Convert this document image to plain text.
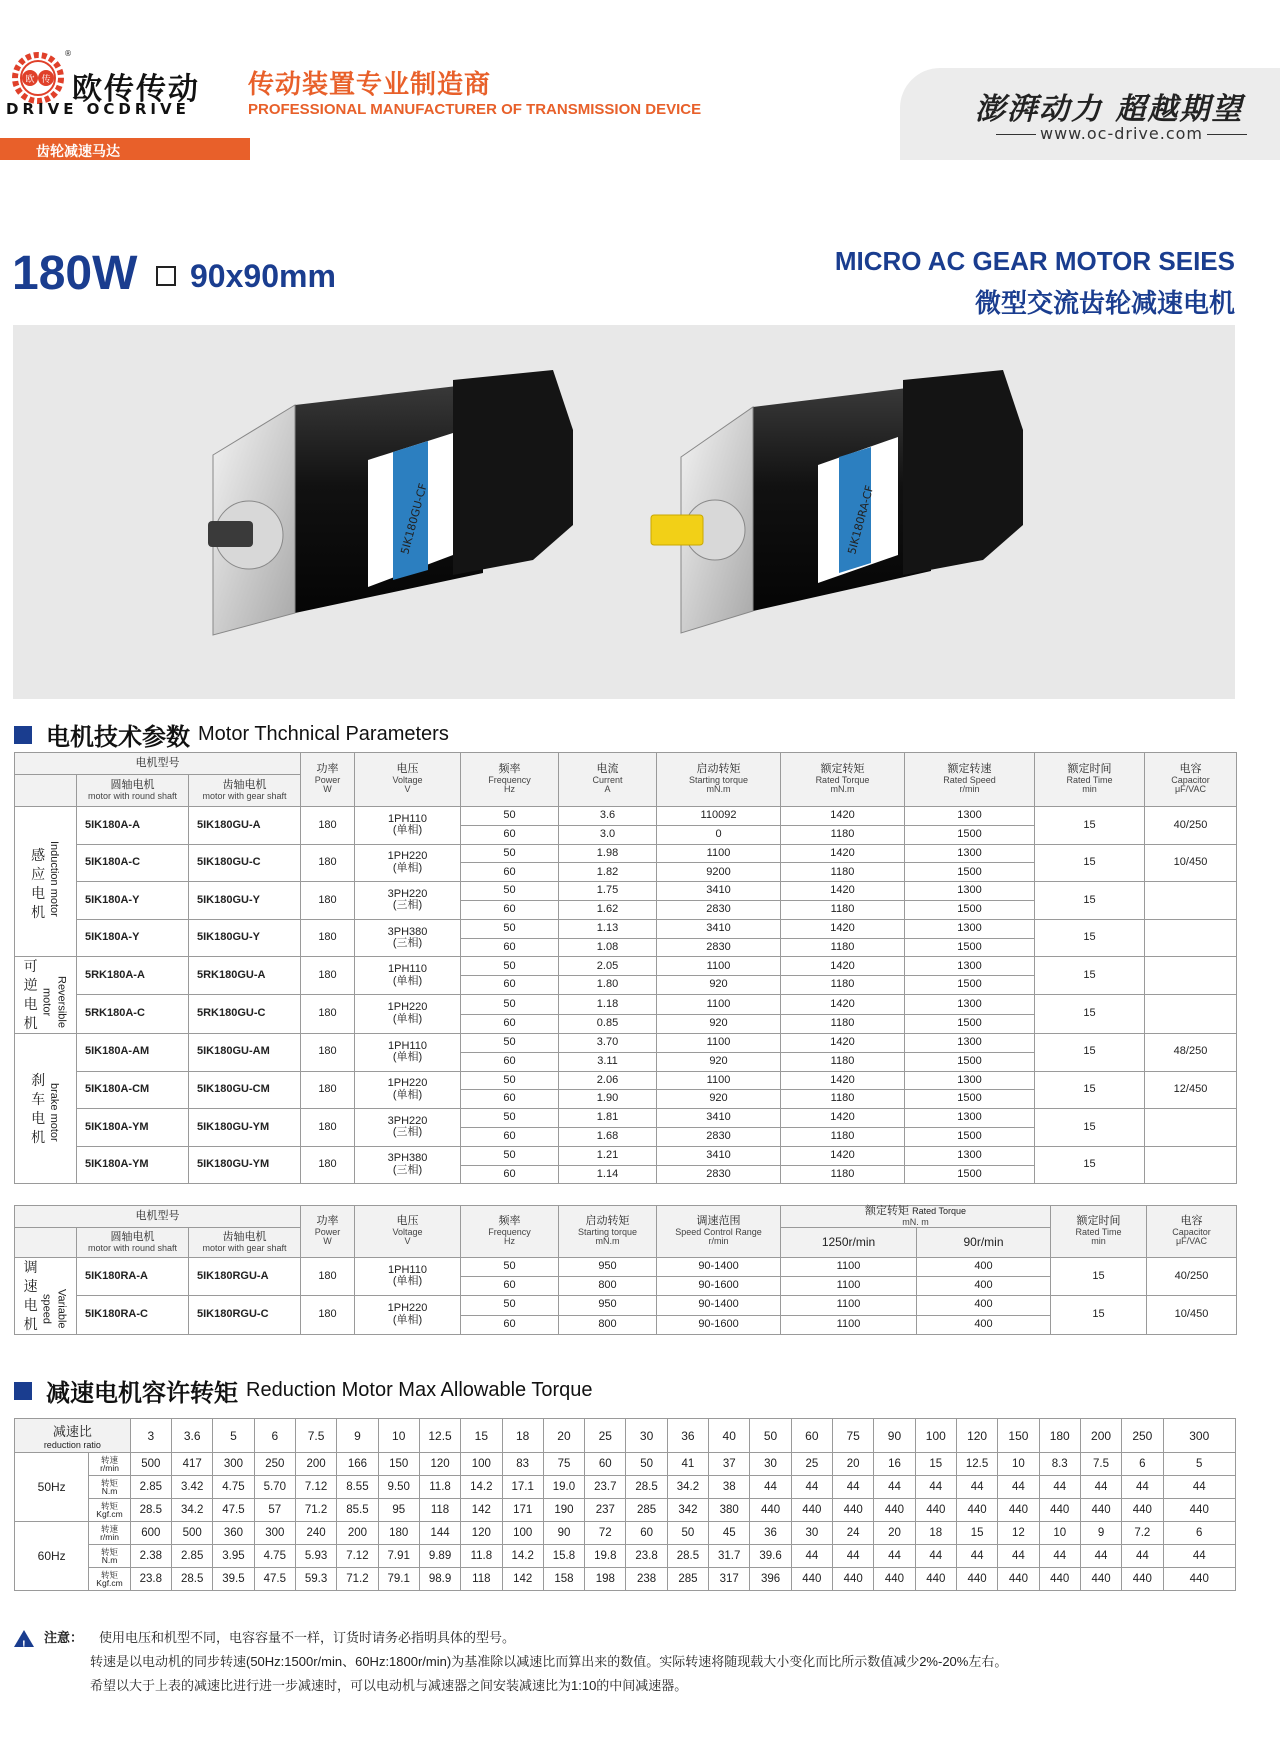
欧 传
®
欧传传动
DRIVE OCDRIVE
传动装置专业制造商
PROFESSIONAL MANUFACTURER OF TRANSMISSION DEVICE	澎湃动力 超越期望
www.oc-drive.com
齿轮减速马达
180W 90x90mm	MICRO AC GEAR MOTOR SEIES
微型交流齿轮减速电机
5IK180GU-CF	5IK180RA-CF
电机技术参数 Motor Thchnical Parameters
电机型号			功率
Power
W	电压
Voltage
V	频率
Frequency
Hz	电流
Current
A	启动转矩
Starting torque
mN.m	额定转矩
Rated Torque
mN.m	额定转速
Rated Speed
r/min	额定时间
Rated Time
min	电容
Capacitor
μF/VAC

	圆轴电机
motor with round shaft	齿轴电机
motor with gear shaft									

感
应
电
机 Induction motor	5IK180A-A	5IK180GU-A	180	1PH110
(单相)	50	3.6	110092	1420	1300	15	40/250
					60	3.0	0	1180	1500		
	5IK180A-C	5IK180GU-C	180	1PH220
(单相)	50	1.98	1100	1420	1300	15	10/450
					60	1.82	9200	1180	1500		
	5IK180A-Y	5IK180GU-Y	180	3PH220
(三相)	50	1.75	3410	1420	1300	15	
					60	1.62	2830	1180	1500		
	5IK180A-Y	5IK180GU-Y	180	3PH380
(三相)	50	1.13	3410	1420	1300	15	
					60	1.08	2830	1180	1500		

可
逆
电
机 Reversible motor	5RK180A-A	5RK180GU-A	180	1PH110
(单相)	50	2.05	1100	1420	1300	15	
					60	1.80	920	1180	1500		
	5RK180A-C	5RK180GU-C	180	1PH220
(单相)	50	1.18	1100	1420	1300	15	
					60	0.85	920	1180	1500		

刹
车
电
机 brake motor	5IK180A-AM	5IK180GU-AM	180	1PH110
(单相)	50	3.70	1100	1420	1300	15	48/250
					60	3.11	920	1180	1500		
	5IK180A-CM	5IK180GU-CM	180	1PH220
(单相)	50	2.06	1100	1420	1300	15	12/450
					60	1.90	920	1180	1500		
	5IK180A-YM	5IK180GU-YM	180	3PH220
(三相)	50	1.81	3410	1420	1300	15	
					60	1.68	2830	1180	1500		
	5IK180A-YM	5IK180GU-YM	180	3PH380
(三相)	50	1.21	3410	1420	1300	15	
					60	1.14	2830	1180	1500		
电机型号			功率
Power
W	电压
Voltage
V	频率
Frequency
Hz	启动转矩
Starting torque
mN.m	调速范围
Speed Control Range
r/min	额定转矩 Rated Torque
mN. m		额定时间
Rated Time
min	电容
Capacitor
μF/VAC

	圆轴电机
motor with round shaft	齿轴电机
motor with gear shaft						1250r/min	90r/min		

调
速
电
机 Variable speed	5IK180RA-A	5IK180RGU-A	180	1PH110
(单相)	50	950	90-1400	1100	400	15	40/250
					60	800	90-1600	1100	400		
	5IK180RA-C	5IK180RGU-C	180	1PH220
(单相)	50	950	90-1400	1100	400	15	10/450
					60	800	90-1600	1100	400		
减速电机容许转矩 Reduction Motor Max Allowable Torque
减速比
reduction ratio		3	3.6	5	6	7.5	9	10	12.5	15	18	20	25	30	36	40	50	60	75	90	100	120	150	180	200	250	300
50Hz	转速
r/min	500	417	300	250	200	166	150	120	100	83	75	60	50	41	37	30	25	20	16	15	12.5	10	8.3	7.5	6	5

	转矩
N.m	2.85	3.42	4.75	5.70	7.12	8.55	9.50	11.8	14.2	17.1	19.0	23.7	28.5	34.2	38	44	44	44	44	44	44	44	44	44	44	44

	转矩
Kgf.cm	28.5	34.2	47.5	57	71.2	85.5	95	118	142	171	190	237	285	342	380	440	440	440	440	440	440	440	440	440	440	440
60Hz	转速
r/min	600	500	360	300	240	200	180	144	120	100	90	72	60	50	45	36	30	24	20	18	15	12	10	9	7.2	6

	转矩
N.m	2.38	2.85	3.95	4.75	5.93	7.12	7.91	9.89	11.8	14.2	15.8	19.8	23.8	28.5	31.7	39.6	44	44	44	44	44	44	44	44	44	44

	转矩
Kgf.cm	23.8	28.5	39.5	47.5	59.3	71.2	79.1	98.9	118	142	158	198	238	285	317	396	440	440	440	440	440	440	440	440	440	440
!注意： 使用电压和机型不同，电容容量不一样，订货时请务必指明具体的型号。
转速是以电动机的同步转速(50Hz:1500r/min、60Hz:1800r/min)为基准除以减速比而算出来的数值。实际转速将随现载大小变化而比所示数值减少2%-20%左右。
希望以大于上表的减速比进行进一步减速时，可以电动机与减速器之间安装减速比为1:10的中间减速器。
